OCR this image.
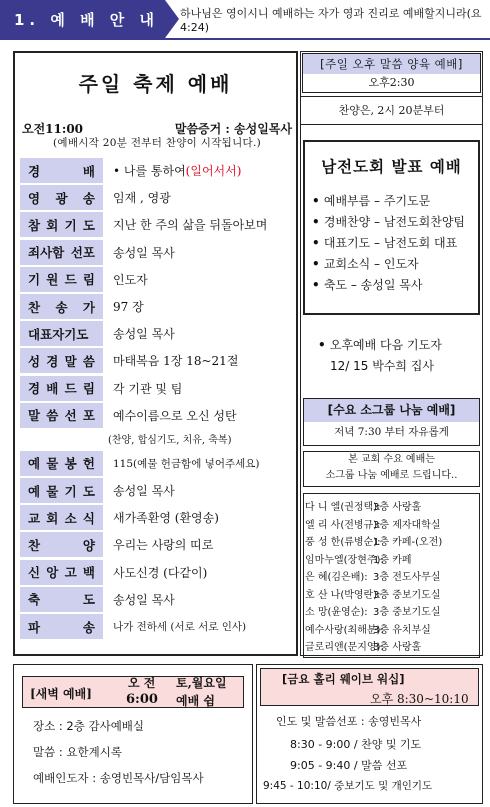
1. 예 배 안 내	하나님은 영이시니 예배하는 자가 영과 진리로 예배할지니라(요 4:24)
주일 축제 예배
오전11:00	말씀증거 : 송성일목사
(예배시작 20분 전부터 찬양이 시작됩니다.)
경	배	• 나를 통하여(일어서서)
영 광 송	임재 , 영광
참 회 기 도	지난 한 주의 삶을 뒤돌아보며
죄사함 선포	송성일 목사
기 원 드 림	인도자
찬 송 가	97 장
대표자기도	송성일 목사
성 경 말 씀	마태복음 1장 18~21절
경 배 드 림	각 기관 및 팀
말 씀 선 포	예수이름으로 오신 성탄
(찬양, 합심기도, 치유, 축복)
예 물 봉 헌	115(예물 헌금함에 넣어주세요)
예 물 기 도	송성일 목사
교 회 소 식	새가족환영 (환영송)
찬	양	우리는 사랑의 띠로
신 앙 고 백	사도신경 (다같이)
축	도	송성일 목사
파	송	나가 전하세 (서로 서로 인사)
[주일 오후 말씀 양육 예배]
오후2:30
찬양은, 2시 20분부터
남전도회 발표 예배
• 예배부름 – 주기도문
• 경배찬양 – 남전도회찬양팀
• 대표기도 – 남전도회 대표
• 교회소식 – 인도자
• 축도 – 송성일 목사
• 오후예배 다음 기도자
12/ 15 박수희 집사
[수요 소그룹 나눔 예배]
저녁 7:30 부터 자유롭게
본 교회 수요 예배는
소그룹 나눔 예배로 드립니다..
다 니 엘(권정택):
3층 사랑홀
엘 리 사(전병규):
3층 제자대학실
풍 성 한(류병순):
1층 카페-(오전)
임마누엘(장현주):
1층 카페
은 혜(김은배): 3층 전도사무실
호 산 나(박영란):
3층 중보기도실
소 망(윤영순): 3층 중보기도실
예수사랑(최해분):
3층 유치부실
글로리앤(문지영):
3층 사랑홀
[새벽 예배]
오 전 토,월요일
6:00 예배 쉼
장소 : 2층 감사예배실
말씀 : 요한계시록
예배인도자 : 송영빈목사/담임목사
[금요 홀리 웨이브 워십]
오후 8:30~10:10
인도 및 말씀선포 : 송영빈목사
8:30 - 9:00 / 찬양 및 기도
9:05 - 9:40 / 말씀 선포
9:45 - 10:10/ 중보기도 및 개인기도
